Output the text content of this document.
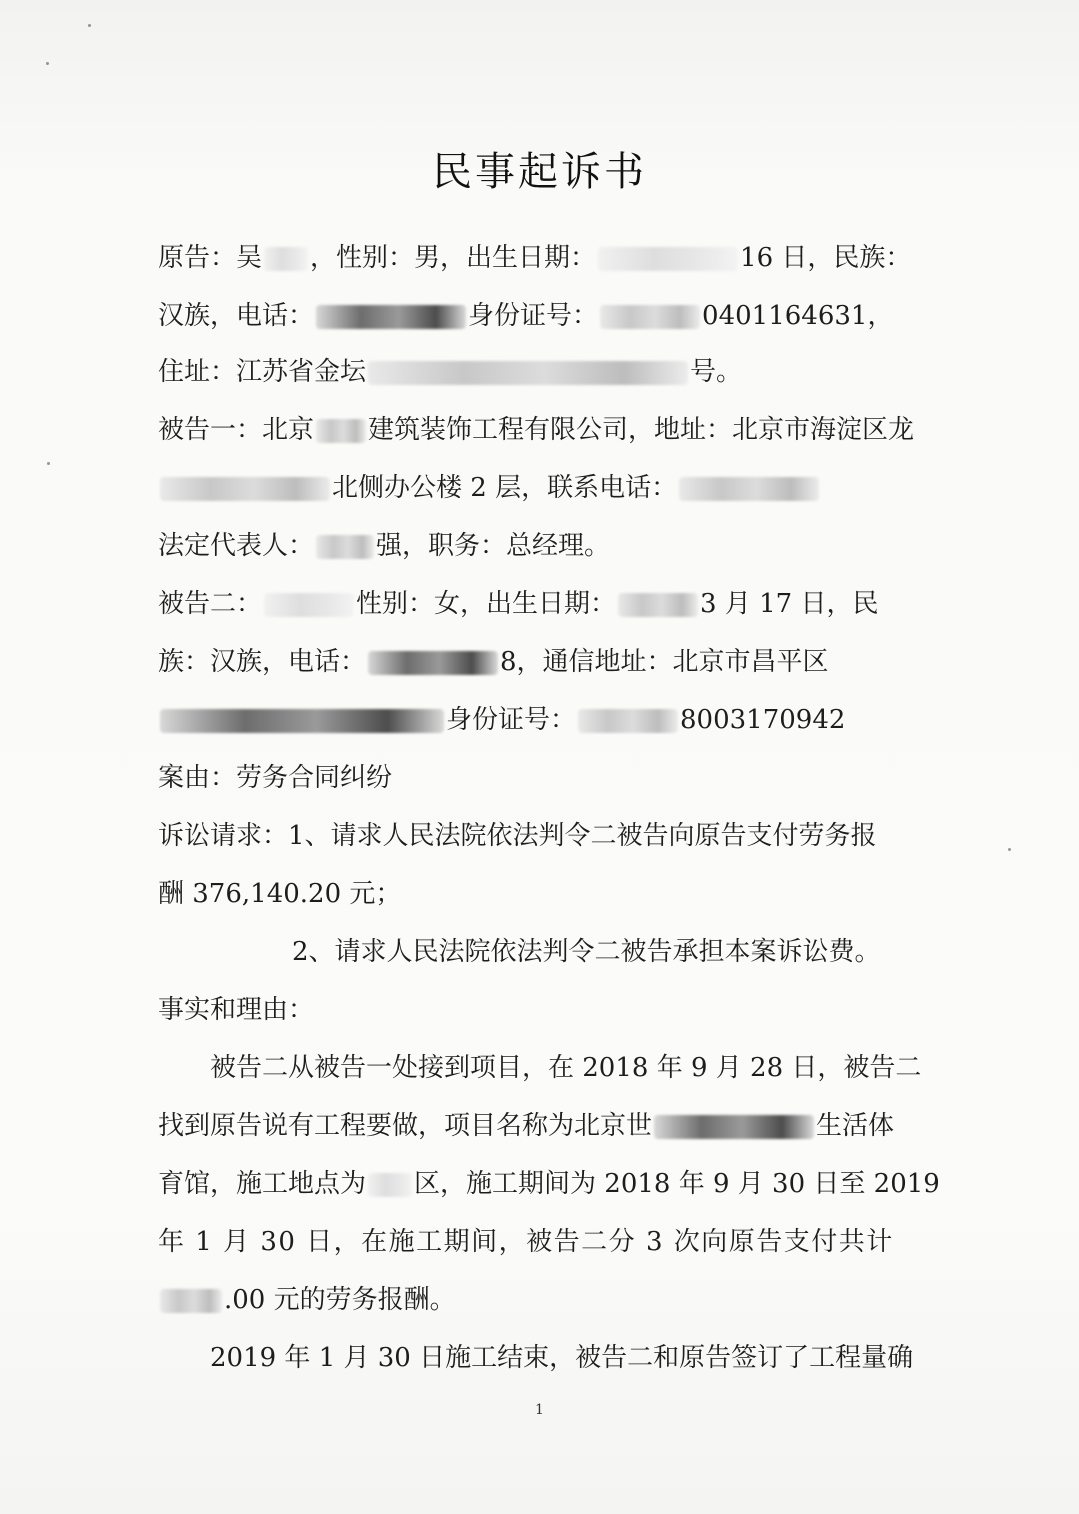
民事起诉书
原告：吴 ，性别：男，出生日期：	16 日，民族：
汉族，电话：	身份证号：	0401164631，
住址：江苏省金坛	号。
被告一：北京 建筑装饰工程有限公司，地址：北京市海淀区龙
北侧办公楼 2 层，联系电话：
法定代表人： 强，职务：总经理。
被告二：	性别：女，出生日期：	3 月 17 日，民
族：汉族，电话：	8，通信地址：北京市昌平区
身份证号：	8003170942
案由：劳务合同纠纷
诉讼请求：1、请求人民法院依法判令二被告向原告支付劳务报
酬 376,140.20 元；
2、请求人民法院依法判令二被告承担本案诉讼费。
事实和理由：
被告二从被告一处接到项目，在 2018 年 9 月 28 日，被告二
找到原告说有工程要做，项目名称为北京世	生活体
育馆，施工地点为 区，施工期间为 2018 年 9 月 30 日至 2019
年 1 月 30 日，在施工期间，被告二分 3 次向原告支付共计
.00 元的劳务报酬。
2019 年 1 月 30 日施工结束，被告二和原告签订了工程量确
1
